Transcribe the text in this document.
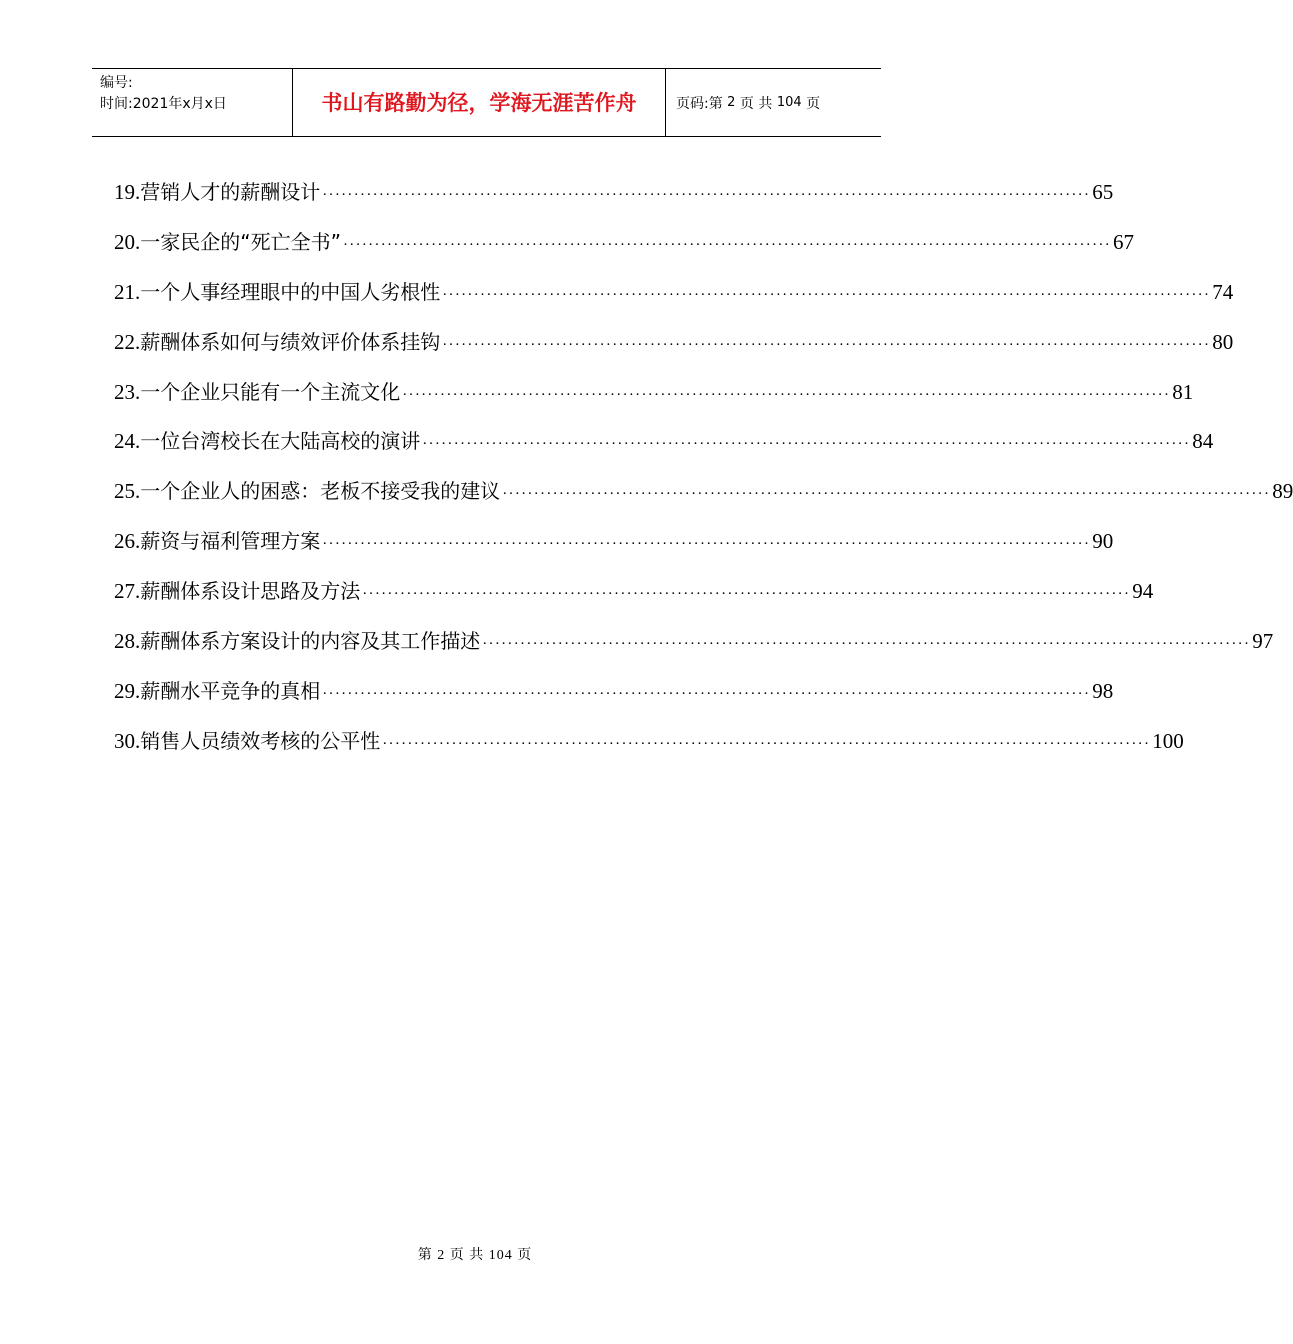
编号:
时间:2021年x月x日	书山有路勤为径，学海无涯苦作舟	页码: 第
2
页 共
104
页
19.营销人才的薪酬设计 ·························································································································· 65
20.一家民企的“死亡全书” ·························································································································· 67
21.一个人事经理眼中的中国人劣根性 ·························································································································· 74
22.薪酬体系如何与绩效评价体系挂钩 ·························································································································· 80
23.一个企业只能有一个主流文化 ·························································································································· 81
24.一位台湾校长在大陆高校的演讲 ·························································································································· 84
25.一个企业人的困惑：老板不接受我的建议 ·························································································································· 89
26.薪资与福利管理方案 ·························································································································· 90
27.薪酬体系设计思路及方法 ·························································································································· 94
28.薪酬体系方案设计的内容及其工作描述 ·························································································································· 97
29.薪酬水平竞争的真相 ·························································································································· 98
30.销售人员绩效考核的公平性 ·························································································································· 100
第 2 页 共 104 页
